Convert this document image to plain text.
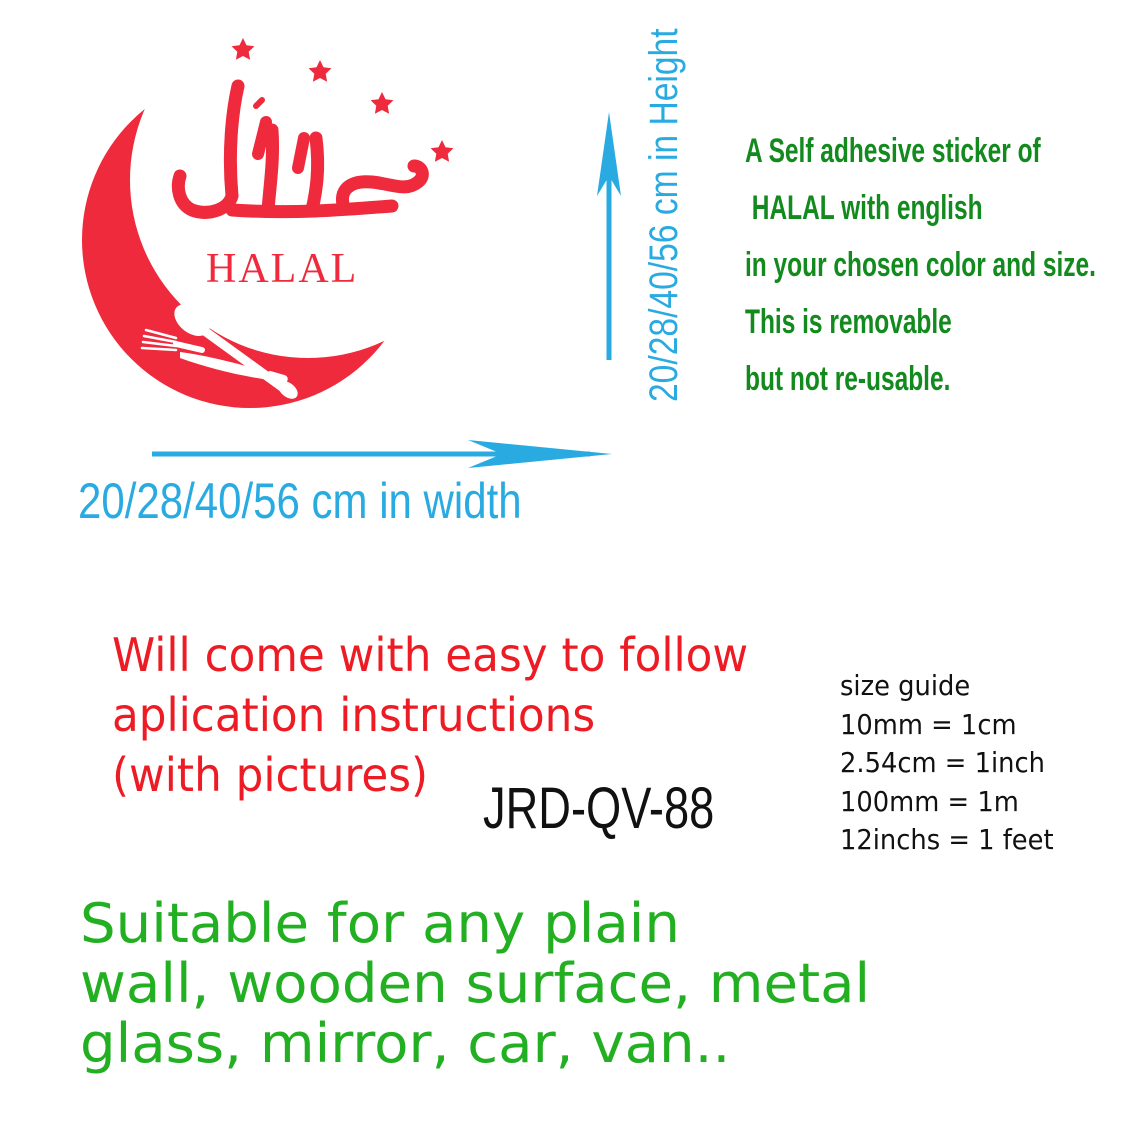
HALAL
20/28/40/56 cm in width
20/28/40/56 cm in Height A Self adhesive sticker of
HALAL with english
in your chosen color and size.
This is removable
but not re-usable.
Will come with easy to follow
aplication instructions
(with pictures)
JRD-QV-88
size guide
10mm = 1cm
2.54cm = 1inch
100mm = 1m
12inchs = 1 feet
Suitable for any plain
wall, wooden surface, metal
glass, mirror, car, van..
